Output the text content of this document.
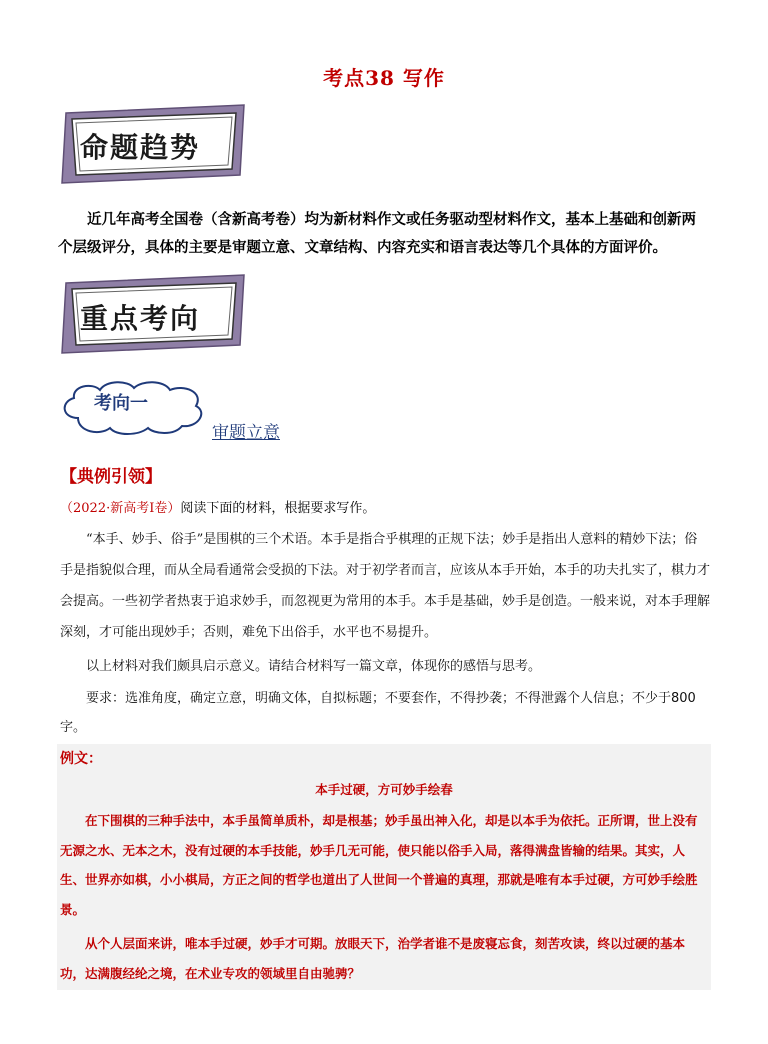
考点38 写作
命题趋势
近几年高考全国卷（含新高考卷）均为新材料作文或任务驱动型材料作文，基本上基础和创新两个层级评分，具体的主要是审题立意、文章结构、内容充实和语言表达等几个具体的方面评价。
重点考向
考向一
审题立意
【典例引领】
（2022·新高考Ⅰ卷）阅读下面的材料，根据要求写作。
“本手、妙手、俗手”是围棋的三个术语。本手是指合乎棋理的正规下法；妙手是指出人意料的精妙下法；俗手是指貌似合理，而从全局看通常会受损的下法。对于初学者而言，应该从本手开始，本手的功夫扎实了，棋力才会提高。一些初学者热衷于追求妙手，而忽视更为常用的本手。本手是基础，妙手是创造。一般来说，对本手理解深刻，才可能出现妙手；否则，难免下出俗手，水平也不易提升。
以上材料对我们颇具启示意义。请结合材料写一篇文章，体现你的感悟与思考。
要求：选准角度，确定立意，明确文体，自拟标题；不要套作，不得抄袭；不得泄露个人信息；不少于800字。
例文：
本手过硬，方可妙手绘春
在下围棋的三种手法中，本手虽简单质朴，却是根基；妙手虽出神入化，却是以本手为依托。正所谓，世上没有无源之水、无本之木，没有过硬的本手技能，妙手几无可能，使只能以俗手入局，落得满盘皆输的结果。其实，人生、世界亦如棋，小小棋局，方正之间的哲学也道出了人世间一个普遍的真理，那就是唯有本手过硬，方可妙手绘胜景。
从个人层面来讲，唯本手过硬，妙手才可期。放眼天下，治学者谁不是废寝忘食，刻苦攻读，终以过硬的基本功，达满腹经纶之境，在术业专攻的领域里自由驰骋？
